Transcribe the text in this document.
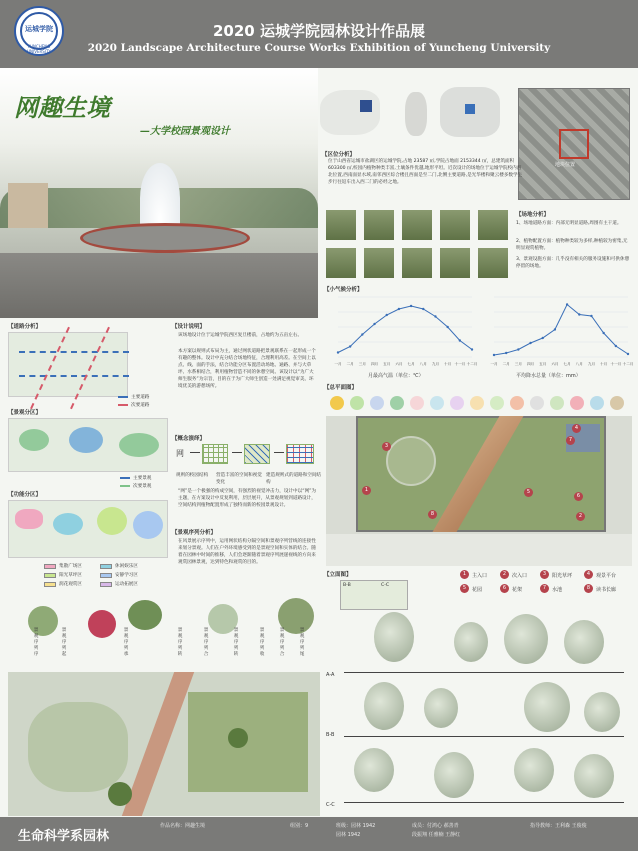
运城学院
YUNCHENG UNIVERSITY
2020 运城学院园林设计作品展
2020 Landscape Architecture Course Works Exhibition of Yuncheng University
网趣生境
—大学校园景观设计
地块位置
【区位分析】
位于山西省运城市盐湖区的运城学院,占地 23587 ㎡,学院占地面 2153344 ㎡，总建筑面积 603300 ㎡,校园内植物种类丰富,土壤条件优越,地形平坦。近次设计的场地位于运城学院校内西北位置,西南面显水域,南邻西区综合楼且西面是至二门,北侧主要道路,是光华楼和聚云楼多数学生步行往返车出入西二门的必经之地。
【场地分析】
1、场地道路方面：内部无明显道路,周围有主干道。
2、植物配置方面：植物种类较为多样,种植较为密集,无明显观赏植物。
3、景观设施方面：几乎没有相关的服务设施和可供休憩停留的场地。
【小气候分析】
一月 二月 三月 四月 五月 六月 七月 八月 九月 十月 十一月 十二月
月最高气温（单位：℃）
一月 二月 三月 四月 五月 六月 七月 八月 九月 十月 十一月 十二月
平均降水总量（单位：mm）
【总平面图】
1
2
3
4
5
6
7
8
【立面图】
B-B	C-C
1	主入口	2	次入口	3	阳光草坪	4	观景平台
5	花园	6	花架	7	水池	8	读书长廊
A-A
B-B
C-C
【道路分析】
主要道路
次要道路
【景观分区】
主要景观
次要景观
【功能分区】
集散广场区	休闲娱乐区
阳光草坪区	安静学习区
润花观赏区	运动拓展区
【设计说明】
该场地设计位于运城学院西区复旦楼前，占地约为五亩左右。
本方案以规则式布局为主，通过网状道路把景观联系在一起形成一个有趣的整体。设计中充分结合场地特征，合理利用高差。在空间上以点、线、面的手法，结合功能分区布置活动场地、通路、并与大草坪、水系相结合，利用植物营造不同的休憩空间。该设计以“为广大师生服务”为宗旨，目的在于为广大师生创造一处满足视觉审美、环境优美的游憩场所。
【概念演绎】
网
规则的校园结构	营造丰富的空间和视觉变化
建造规则式的道路和空间结构
“网”是一个极强的构成空间，有强烈的视觉冲击力，设计中以“网”为主题，在方案设计中反复利用，层层展开，从景观规划到道路设计，空间结构到植物配置形成了独特而新的校园景观设计。
【景观序列分析】
在风景展示序列中，运用网状结构分隔空间和景观序列营线的连接性来划分景观。人们在户外环境感受到的是景观空间和实体的结合。随着在园林中时间的推移，人们会逐渐随着景观序列展递视线的方向来观赏园林景观，达到特色和观赏的目的。
景观序列序
景观序列起
景观序列承
景观序列转
景观序列合
景观序列转
景观序列收
景观序列合
景观序列尾
生命科学系园林
作品名称：网趣生境	组别：9	班级：园林 1942
园林 1942
成员：付鸿心 郝善青
段振翔 任雅楠 王静红
指导教师：王利森 王俊俊
